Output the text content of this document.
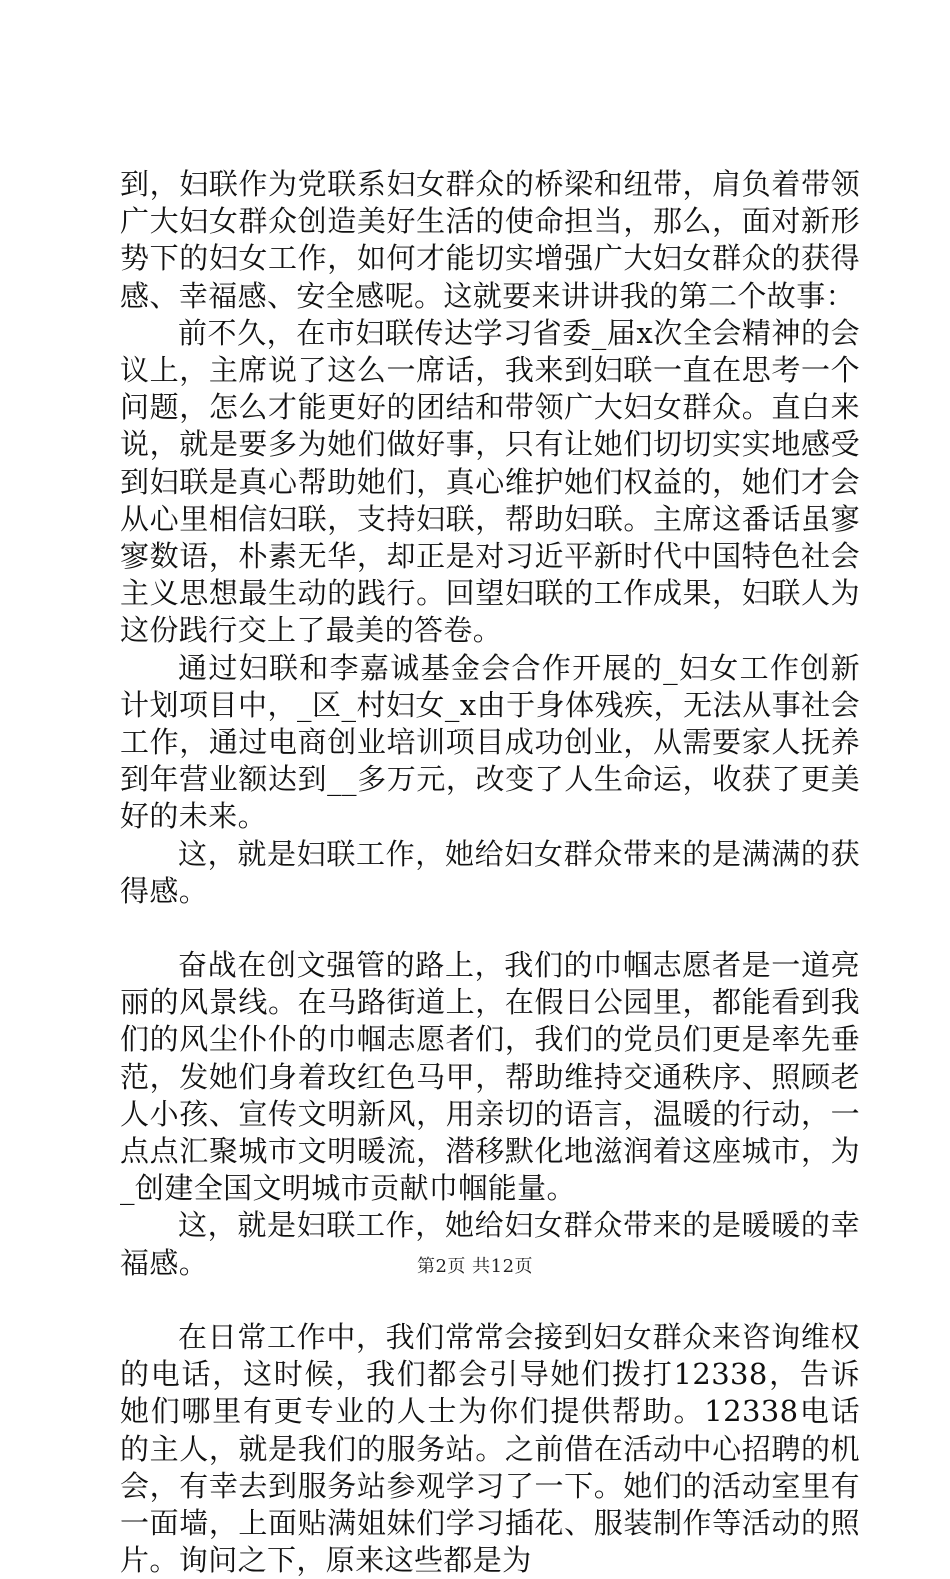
到，妇联作为党联系妇女群众的桥梁和纽带，肩负着带领广大妇女群众创造美好生活的使命担当，那么，面对新形势下的妇女工作，如何才能切实增强广大妇女群众的获得感、幸福感、安全感呢。这就要来讲讲我的第二个故事：

前不久，在市妇联传达学习省委_届x次全会精神的会议上，主席说了这么一席话，我来到妇联一直在思考一个问题，怎么才能更好的团结和带领广大妇女群众。直白来说，就是要多为她们做好事，只有让她们切切实实地感受到妇联是真心帮助她们，真心维护她们权益的，她们才会从心里相信妇联，支持妇联，帮助妇联。主席这番话虽寥寥数语，朴素无华，却正是对习近平新时代中国特色社会主义思想最生动的践行。回望妇联的工作成果，妇联人为这份践行交上了最美的答卷。

通过妇联和李嘉诚基金会合作开展的_妇女工作创新计划项目中，_区_村妇女_x由于身体残疾，无法从事社会工作，通过电商创业培训项目成功创业，从需要家人抚养到年营业额达到__多万元，改变了人生命运，收获了更美好的未来。

这，就是妇联工作，她给妇女群众带来的是满满的获得感。

奋战在创文强管的路上，我们的巾帼志愿者是一道亮丽的风景线。在马路街道上，在假日公园里，都能看到我们的风尘仆仆的巾帼志愿者们，我们的党员们更是率先垂范，发她们身着玫红色马甲，帮助维持交通秩序、照顾老人小孩、宣传文明新风，用亲切的语言，温暖的行动，一点点汇聚城市文明暖流，潜移默化地滋润着这座城市，为_创建全国文明城市贡献巾帼能量。

这，就是妇联工作，她给妇女群众带来的是暖暖的幸福感。

在日常工作中，我们常常会接到妇女群众来咨询维权的电话，这时候，我们都会引导她们拨打12338，告诉她们哪里有更专业的人士为你们提供帮助。12338电话的主人，就是我们的服务站。之前借在活动中心招聘的机会，有幸去到服务站参观学习了一下。她们的活动室里有一面墙，上面贴满姐妹们学习插花、服装制作等活动的照片。询问之下，原来这些都是为

第2页 共12页
